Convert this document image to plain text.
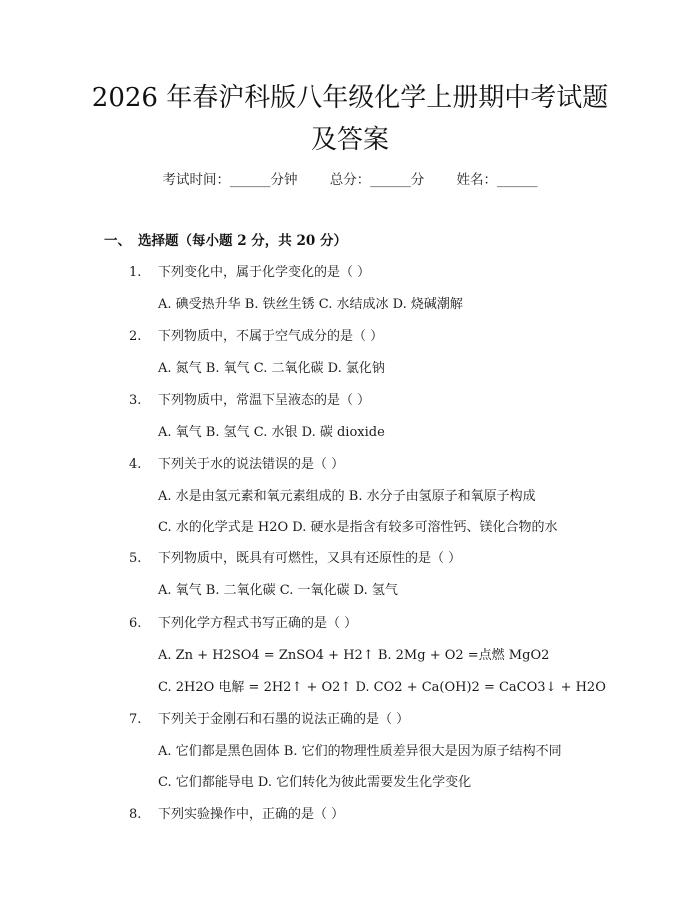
2026 年春沪科版八年级化学上册期中考试题
及答案
考试时间：______分钟 总分：______分 姓名：______
一、 选择题（每小题 2 分，共 20 分）
1. 下列变化中，属于化学变化的是（ ）
A. 碘受热升华 B. 铁丝生锈 C. 水结成冰 D. 烧碱潮解
2. 下列物质中，不属于空气成分的是（ ）
A. 氮气 B. 氧气 C. 二氧化碳 D. 氯化钠
3. 下列物质中，常温下呈液态的是（ ）
A. 氧气 B. 氢气 C. 水银 D. 碳 dioxide
4. 下列关于水的说法错误的是（ ）
A. 水是由氢元素和氧元素组成的 B. 水分子由氢原子和氧原子构成
C. 水的化学式是 H2O D. 硬水是指含有较多可溶性钙、镁化合物的水
5. 下列物质中，既具有可燃性，又具有还原性的是（ ）
A. 氧气 B. 二氧化碳 C. 一氧化碳 D. 氢气
6. 下列化学方程式书写正确的是（ ）
A. Zn + H2SO4 = ZnSO4 + H2↑ B. 2Mg + O2 =点燃 MgO2
C. 2H2O 电解 = 2H2↑ + O2↑ D. CO2 + Ca(OH)2 = CaCO3↓ + H2O
7. 下列关于金刚石和石墨的说法正确的是（ ）
A. 它们都是黑色固体 B. 它们的物理性质差异很大是因为原子结构不同
C. 它们都能导电 D. 它们转化为彼此需要发生化学变化
8. 下列实验操作中，正确的是（ ）
